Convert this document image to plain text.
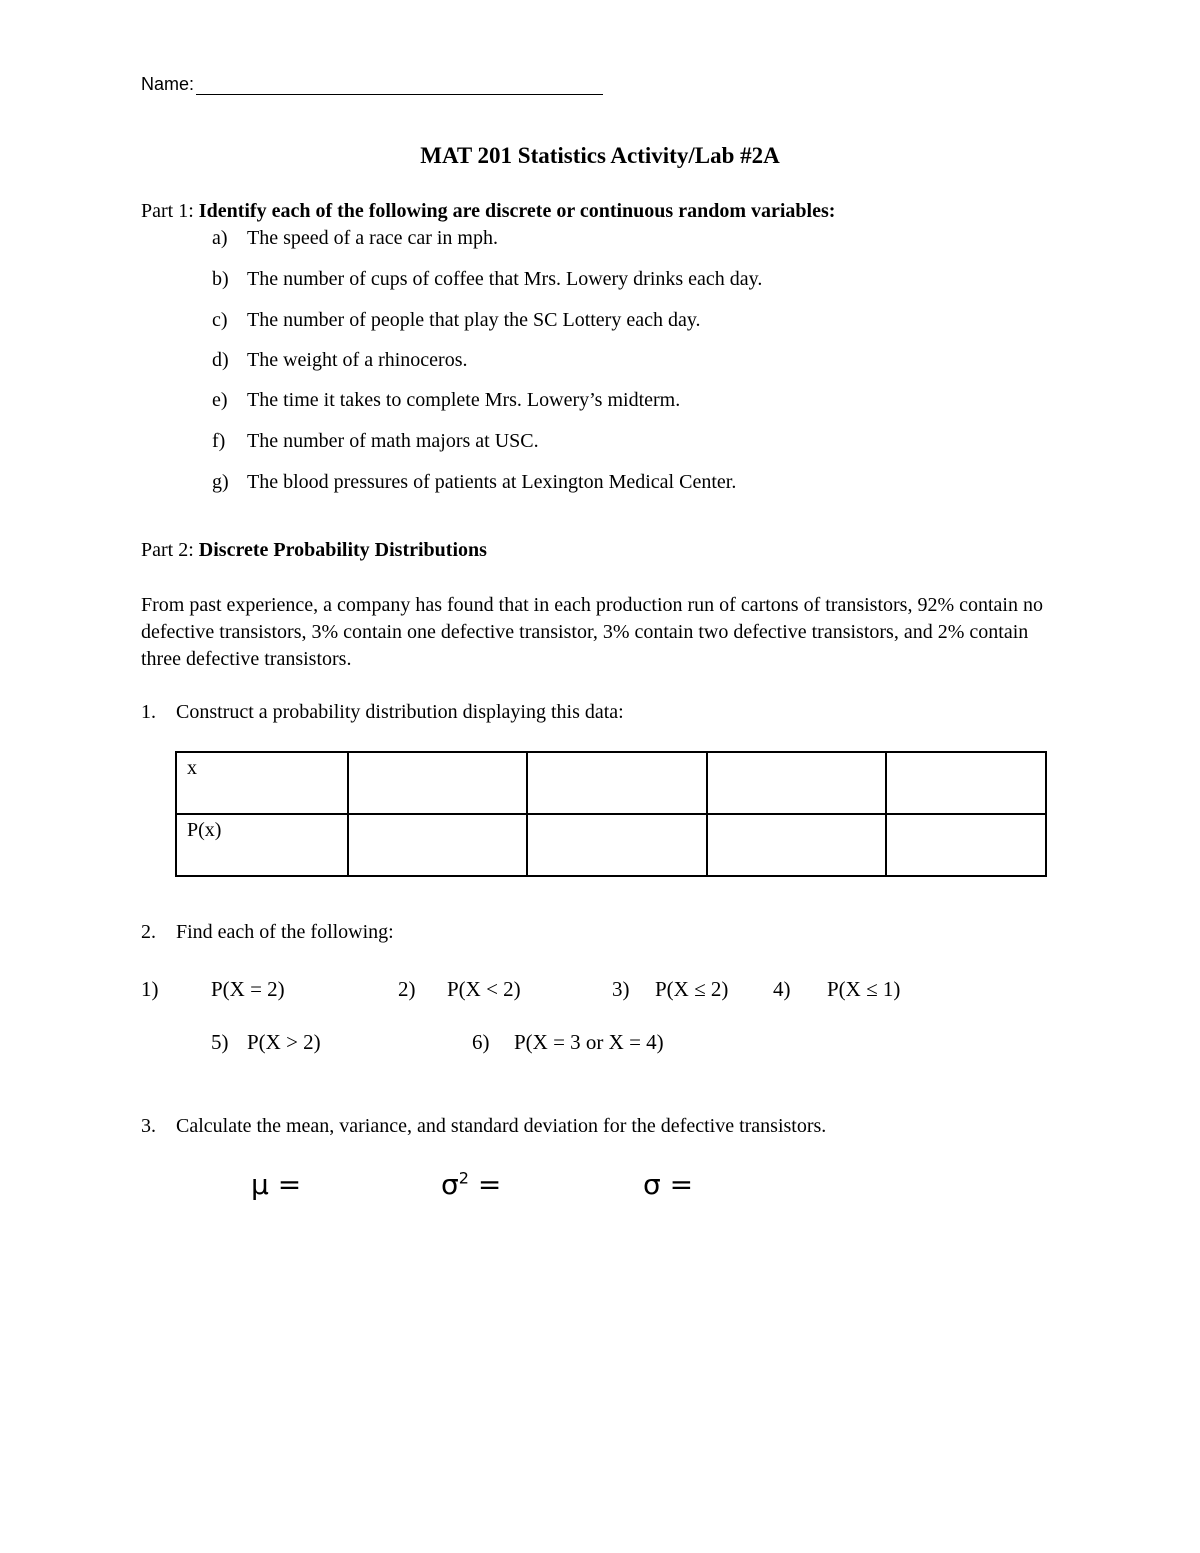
Name:
MAT 201 Statistics Activity/Lab #2A
Part 1: Identify each of the following are discrete or continuous random variables:
a) The speed of a race car in mph.
b) The number of cups of coffee that Mrs. Lowery drinks each day.
c) The number of people that play the SC Lottery each day.
d) The weight of a rhinoceros.
e) The time it takes to complete Mrs. Lowery’s midterm.
f) The number of math majors at USC.
g) The blood pressures of patients at Lexington Medical Center.
Part 2: Discrete Probability Distributions
From past experience, a company has found that in each production run of cartons of transistors, 92% contain no defective transistors, 3% contain one defective transistor, 3% contain two defective transistors, and 2% contain three defective transistors.
1. Construct a probability distribution displaying this data:
x				
P(x)				
2. Find each of the following:
1)	P(X = 2)	2) P(X < 2)	3) P(X ≤ 2) 4) P(X ≤ 1)
5) P(X > 2)	6) P(X = 3 or X = 4)
3. Calculate the mean, variance, and standard deviation for the defective transistors.
μ =	$\sigma^2$ =	σ =
